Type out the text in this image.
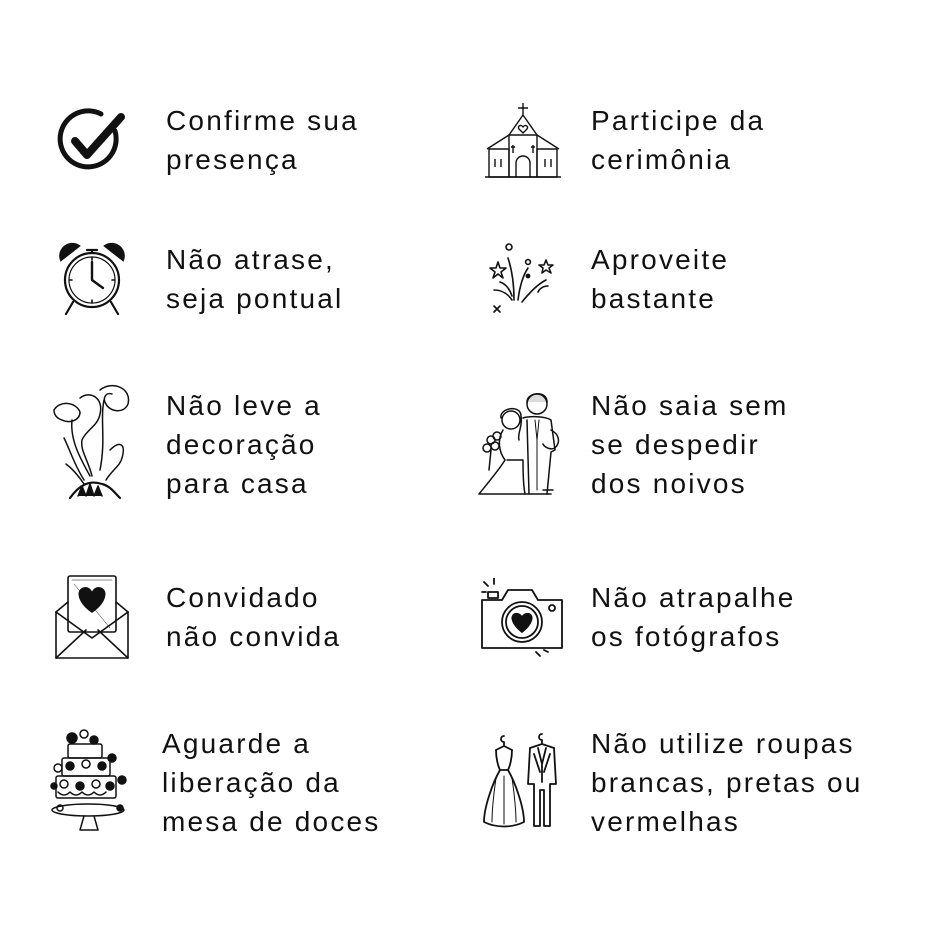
Confirme sua
presença
Participe da
cerimônia
Não atrase,
seja pontual
Aproveite
bastante
Não leve a
decoração
para casa
Não saia sem
se despedir
dos noivos
Convidado
não convida
Não atrapalhe
os fotógrafos
Aguarde a
liberação da
mesa de doces
Não utilize roupas
brancas, pretas ou
vermelhas
